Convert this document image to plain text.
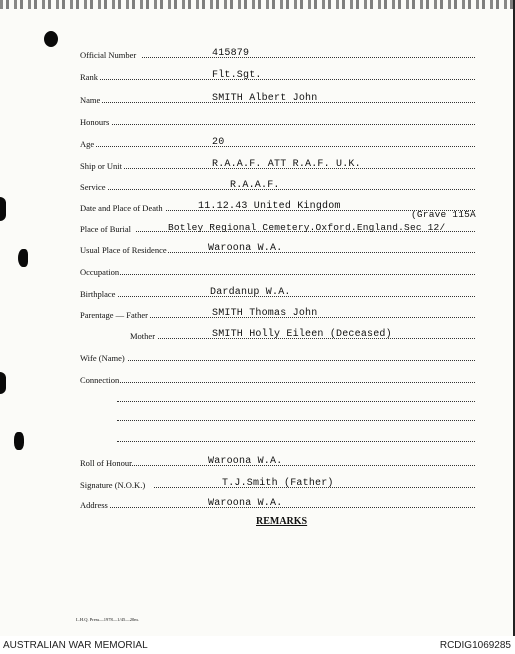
Official Number	415879
Rank	Flt.Sgt.
Name	SMITH Albert John
Honours
Age	20
Ship or Unit	R.A.A.F. ATT R.A.F. U.K.
Service	R.A.A.F.
Date and Place of Death	11.12.43 United Kingdom
(Grave 115A
Place of Burial	Botley Regional Cemetery.Oxford.England.Sec 12/
Usual Place of Residence	Waroona W.A.
Occupation
Birthplace	Dardanup W.A.
Parentage — Father	SMITH Thomas John
Mother	SMITH Holly Eileen (Deceased)
Wife (Name)
Connection
Roll of Honour	Waroona W.A.
Signature (N.O.K.)	T.J.Smith (Father)
Address	Waroona W.A.
REMARKS
L.H.Q. Press—1978—1/45—20m.
AUSTRALIAN WAR MEMORIAL	RCDIG1069285
